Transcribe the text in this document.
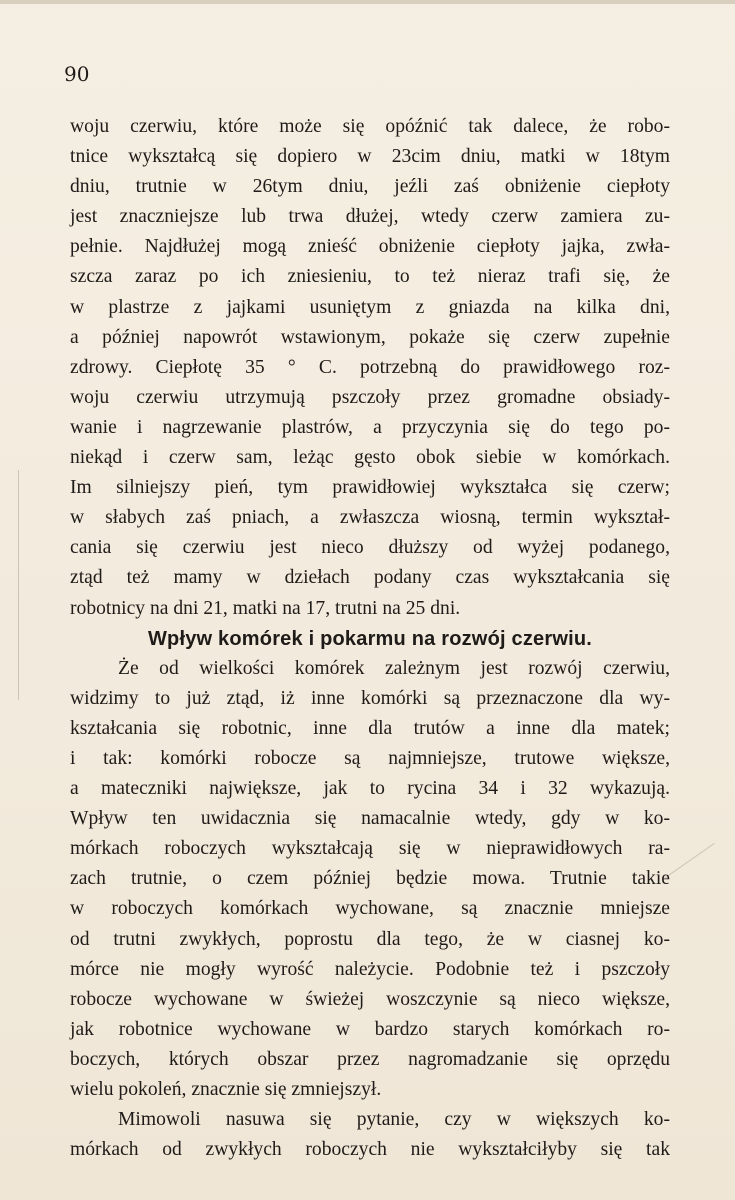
90

woju czerwiu, które może się opóźnić tak dalece, że robo-
tnice wykształcą się dopiero w 23cim dniu, matki w 18tym
dniu, trutnie w 26tym dniu, jeźli zaś obniżenie ciepłoty
jest znaczniejsze lub trwa dłużej, wtedy czerw zamiera zu-
pełnie. Najdłużej mogą znieść obniżenie ciepłoty jajka, zwła-
szcza zaraz po ich zniesieniu, to też nieraz trafi się, że
w plastrze z jajkami usuniętym z gniazda na kilka dni,
a później napowrót wstawionym, pokaże się czerw zupełnie
zdrowy. Ciepłotę 35 ° C. potrzebną do prawidłowego roz-
woju czerwiu utrzymują pszczoły przez gromadne obsiady-
wanie i nagrzewanie plastrów, a przyczynia się do tego po-
niekąd i czerw sam, leżąc gęsto obok siebie w komórkach.
Im silniejszy pień, tym prawidłowiej wykształca się czerw;
w słabych zaś pniach, a zwłaszcza wiosną, termin wykształ-
cania się czerwiu jest nieco dłuższy od wyżej podanego,
ztąd też mamy w dziełach podany czas wykształcania się
robotnicy na dni 21, matki na 17, trutni na 25 dni.
Wpływ komórek i pokarmu na rozwój czerwiu.
Że od wielkości komórek zależnym jest rozwój czerwiu,
widzimy to już ztąd, iż inne komórki są przeznaczone dla wy-
kształcania się robotnic, inne dla trutów a inne dla matek;
i tak: komórki robocze są najmniejsze, trutowe większe,
a mateczniki największe, jak to rycina 34 i 32 wykazują.
Wpływ ten uwidacznia się namacalnie wtedy, gdy w ko-
mórkach roboczych wykształcają się w nieprawidłowych ra-
zach trutnie, o czem później będzie mowa. Trutnie takie
w roboczych komórkach wychowane, są znacznie mniejsze
od trutni zwykłych, poprostu dla tego, że w ciasnej ko-
mórce nie mogły wyrość należycie. Podobnie też i pszczoły
robocze wychowane w świeżej woszczynie są nieco większe,
jak robotnice wychowane w bardzo starych komórkach ro-
boczych, których obszar przez nagromadzanie się oprzędu
wielu pokoleń, znacznie się zmniejszył.
Mimowoli nasuwa się pytanie, czy w większych ko-
mórkach od zwykłych roboczych nie wykształciłyby się tak
